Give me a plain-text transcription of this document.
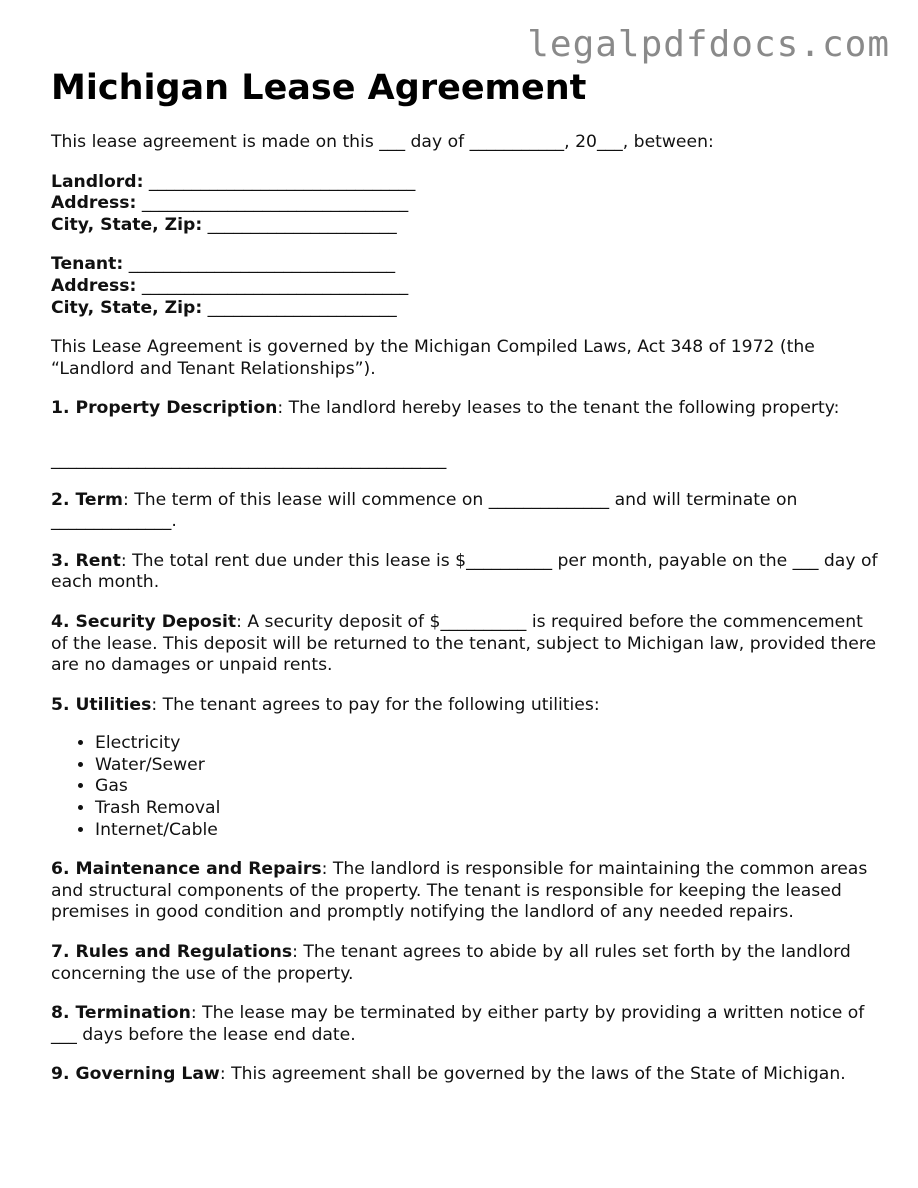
legalpdfdocs.com
Michigan Lease Agreement

This lease agreement is made on this ___ day of ___________, 20___, between:

Landlord: _______________________________

Address: _______________________________

City, State, Zip: ______________________

Tenant: _______________________________

Address: _______________________________

City, State, Zip: ______________________

This Lease Agreement is governed by the Michigan Compiled Laws, Act 348 of 1972 (the “Landlord and Tenant Relationships”).

1. Property Description: The landlord hereby leases to the tenant the following property:

______________________________________________

2. Term: The term of this lease will commence on ______________ and will terminate on ______________.

3. Rent: The total rent due under this lease is $__________ per month, payable on the ___ day of each month.

4. Security Deposit: A security deposit of $__________ is required before the commencement of the lease. This deposit will be returned to the tenant, subject to Michigan law, provided there are no damages or unpaid rents.

5. Utilities: The tenant agrees to pay for the following utilities:

• Electricity
• Water/Sewer
• Gas
• Trash Removal
• Internet/Cable

6. Maintenance and Repairs: The landlord is responsible for maintaining the common areas and structural components of the property. The tenant is responsible for keeping the leased premises in good condition and promptly notifying the landlord of any needed repairs.

7. Rules and Regulations: The tenant agrees to abide by all rules set forth by the landlord concerning the use of the property.

8. Termination: The lease may be terminated by either party by providing a written notice of ___ days before the lease end date.

9. Governing Law: This agreement shall be governed by the laws of the State of Michigan.
